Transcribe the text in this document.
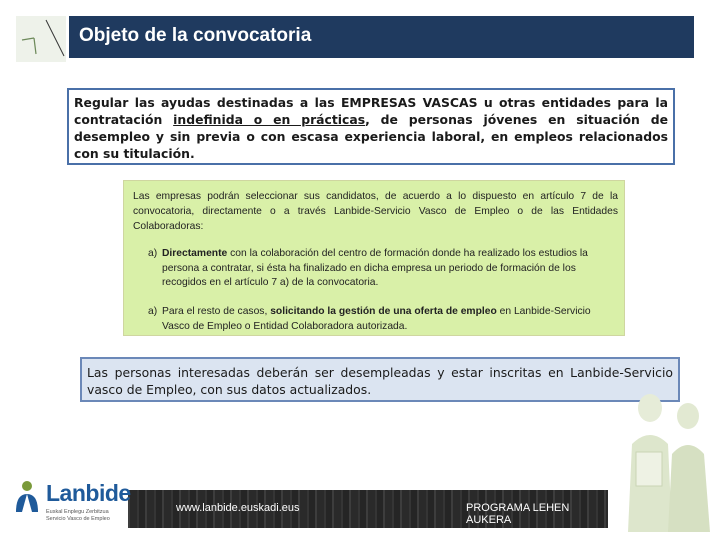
Objeto de la convocatoria

Regular las ayudas destinadas a las EMPRESAS VASCAS u otras entidades para la contratación indefinida o en prácticas, de personas jóvenes en situación de desempleo y sin previa o con escasa experiencia laboral, en empleos relacionados con su titulación.

Las empresas podrán seleccionar sus candidatos, de acuerdo a lo dispuesto en artículo 7 de la convocatoria, directamente o a través Lanbide-Servicio Vasco de Empleo o de las Entidades Colaboradoras:

a) Directamente con la colaboración del centro de formación donde ha realizado los estudios la persona a contratar, si ésta ha finalizado en dicha empresa un periodo de formación de los recogidos en el artículo 7 a) de la convocatoria.

a) Para el resto de casos, solicitando la gestión de una oferta de empleo en Lanbide-Servicio Vasco de Empleo o Entidad Colaboradora autorizada.

Las personas interesadas deberán ser desempleadas y estar inscritas en Lanbide-Servicio vasco de Empleo, con sus datos actualizados.

www.lanbide.euskadi.eus	PROGRAMA LEHEN AUKERA
Lanbide
Euskal Enplegu Zerbitzua
Servicio Vasco de Empleo
